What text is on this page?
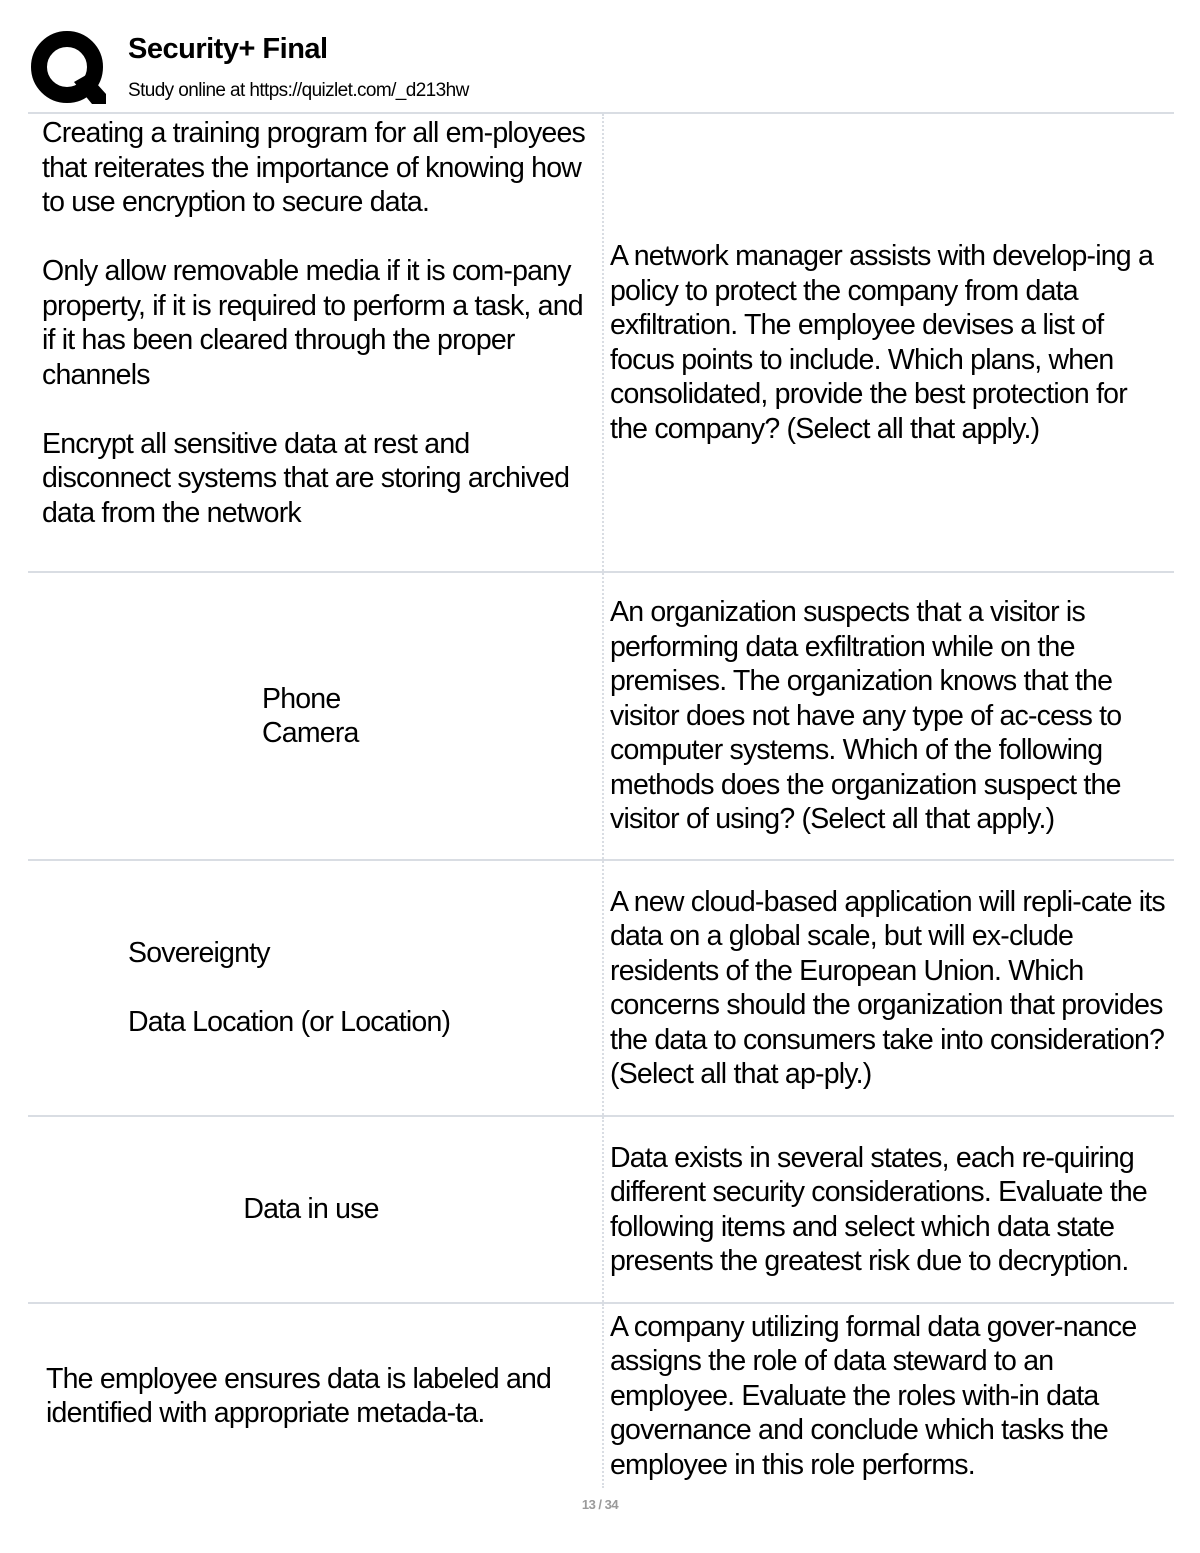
Security+ Final
Study online at https://quizlet.com/_d213hw

Creating a training program for all em-ployees that reiterates the importance of knowing how to use encryption to secure data.

Only allow removable media if it is com-pany property, if it is required to perform a task, and if it has been cleared through the proper channels

Encrypt all sensitive data at rest and disconnect systems that are storing archived data from the network

A network manager assists with develop-ing a policy to protect the company from data exfiltration. The employee devises a list of focus points to include. Which plans, when consolidated, provide the best protection for the company? (Select all that apply.)
Phone
Camera
An organization suspects that a visitor is performing data exfiltration while on the premises. The organization knows that the visitor does not have any type of ac-cess to computer systems. Which of the following methods does the organization suspect the visitor of using? (Select all that apply.)
Sovereignty
Data Location (or Location)
A new cloud-based application will repli-cate its data on a global scale, but will ex-clude residents of the European Union. Which concerns should the organization that provides the data to consumers take into consideration? (Select all that ap-ply.)
Data in use
Data exists in several states, each re-quiring different security considerations. Evaluate the following items and select which data state presents the greatest risk due to decryption.
The employee ensures data is labeled and identified with appropriate metada-ta.
A company utilizing formal data gover-nance assigns the role of data steward to an employee. Evaluate the roles with-in data governance and conclude which tasks the employee in this role performs.
13 / 34
